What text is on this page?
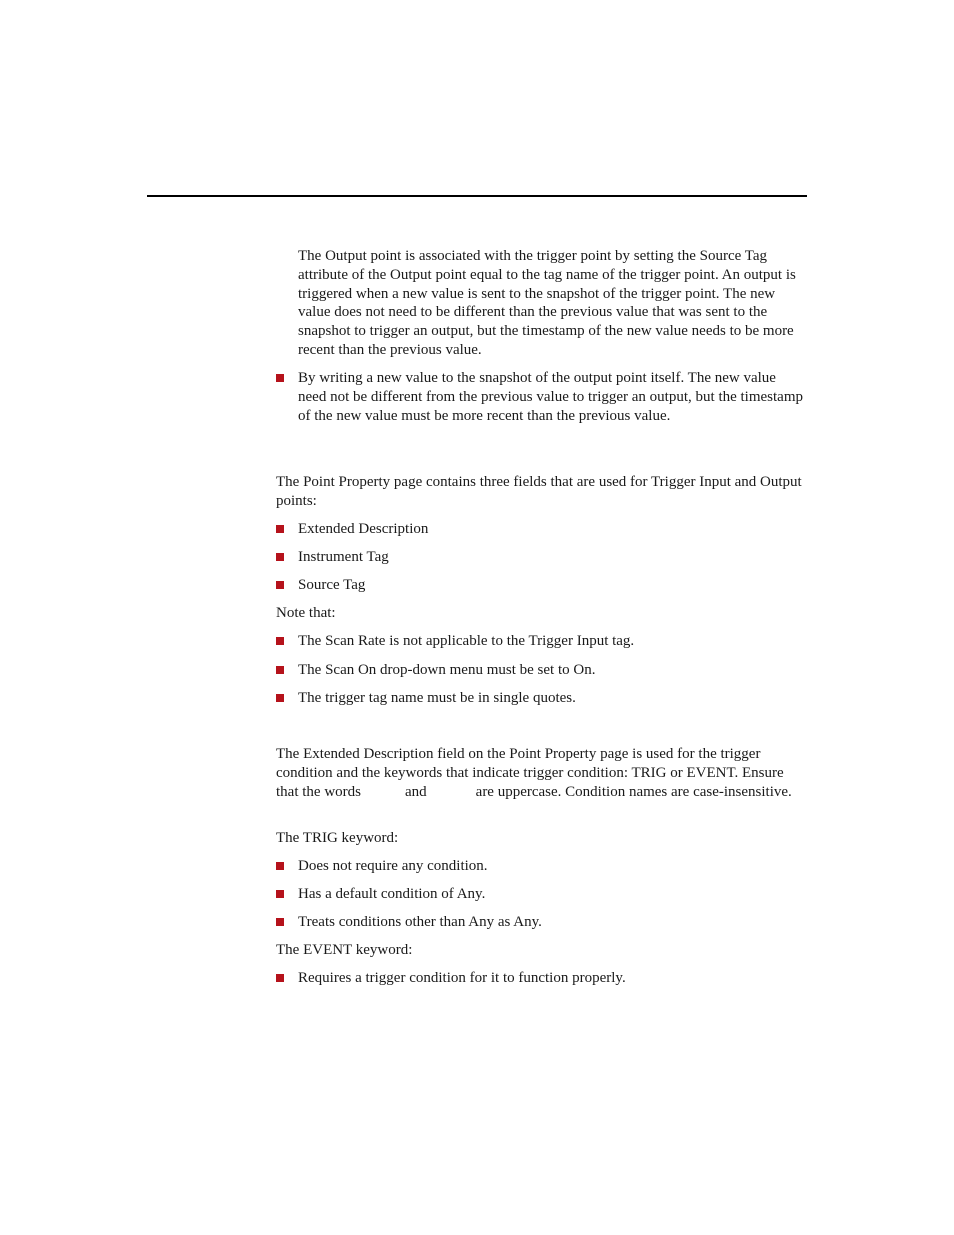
The Output point is associated with the trigger point by setting the Source Tag attribute of the Output point equal to the tag name of the trigger point. An output is triggered when a new value is sent to the snapshot of the trigger point. The new value does not need to be different than the previous value that was sent to the snapshot to trigger an output, but the timestamp of the new value needs to be more recent than the previous value.

By writing a new value to the snapshot of the output point itself. The new value need not be different from the previous value to trigger an output, but the timestamp of the new value must be more recent than the previous value.

The Point Property page contains three fields that are used for Trigger Input and Output points:

Extended Description
Instrument Tag
Source Tag

Note that:

The Scan Rate is not applicable to the Trigger Input tag.
The Scan On drop-down menu must be set to On.
The trigger tag name must be in single quotes.

The Extended Description field on the Point Property page is used for the trigger condition and the keywords that indicate trigger condition: TRIG or EVENT. Ensure that the words	and	are uppercase. Condition names are case-insensitive.

The TRIG keyword:

Does not require any condition.
Has a default condition of Any.
Treats conditions other than Any as Any.

The EVENT keyword:

Requires a trigger condition for it to function properly.
